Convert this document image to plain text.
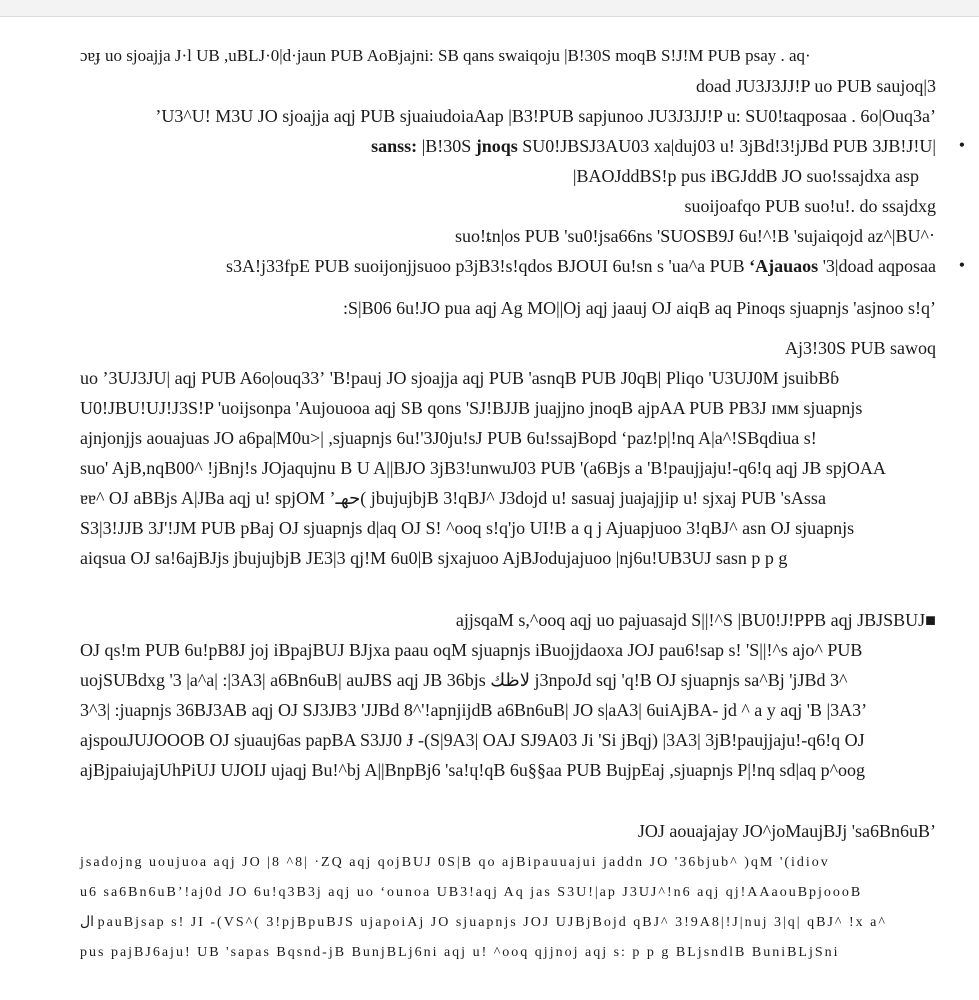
ɔɐɟ uo sjoajja J·l UB ,uBLJ·0|d·jaun PUB AoBjajni: SB qans swaiqoju |B!30S moqB S!J!M PUB psay . aq·
doad JU3J3JJ!P uo PUB saujoq|3
ʼU3^U! M3U JO sjoajja aqj PUB sjuaiudoiaAap |B3!PUB sapjunoo JU3J3JJ!P u: SU0!ȶaqposaa . 6o|Ouq3aʼ
sanss: |B!30S jnoqs SU0!JBSJ3AU03 xa|duj03 u! 3jBd!3!jJBd PUB 3JB!J!U| •
|BAOJddBS!p pus iBGJddB JO suo!ssajdxa asp
suoijoafqo PUB suo!u!. do ssajdxg
suo!ȶn|os PUB 'su0!jsa66ns 'SUOSB9J 6u!^!B 'sujaiqojd az^|BU^ ·
s3A!j33fpE PUB suoijonjjsuoo p3jB3!s!qdos BJOUI 6u!sn s 'ua^a PUB ‘Ajauaos '3|doad aqposaa •
:S|B06 6u!JO pua aqj Ag MO||Oj aqj jaauj OJ aiqB aq Pinoqs sjuapnjs 'asjnoo s!qʼ
Aj3!30S PUB sawoq
uo ʼ3UJ3JU| aqj PUB A6o|ouq33ʼ 'B!pauj JO sjoajja aqj PUB 'asnqB PUB J0qB| Pliqo 'U3UJ0M jsuibBɓ
U0!JBU!UJ!J3S!P 'uoijsonpa 'Aujouooa aqj SB qons 'SJ!BJJB juajjno jnoqB ajpAA PUB PB3J ɪмм sjuapnjs
ajnjonjjs aouajuas JO a6pa|M0u>| ,sjuapnjs 6u!'3J0ju!sJ PUB 6u!ssajBopd ‘paz!p|!nq A|a^!SBqdiua s!
suo' AjB,nqB00^ !jBnj!s JOjaqujnu B U A||BJO 3jB3!unwuJ03 PUB '(a6Bjs a 'B!paujjaju!-q6!q aqj JB spjOAA
ɐɐ^ OJ aBBjs A|JBa aqj u! spjOM ʼحهـ( jbujujbjB 3!qBJ^ J3dojd u! sasuaj juajajjip u! sjxaj PUB 'sAssa
S3|3!JJB 3J'!JM PUB pBaj OJ sjuapnjs d|aq OJ S! ^ooq s!q'jo UI!B a q j Ajuapjuoo 3!qBJ^ asn OJ sjuapnjs
aiqsua OJ sa!6ajBJjs jbujujbjB JE3|3 qj!M 6u0|B sjxajuoo AjBJodujajuoo |nj6u!UB3UJ sasn p p g
ajjsqaM s,^ooq aqj uo pajuasajd S||!^S |BU0!J!PPB aqj JBJSBUJ■
OJ qs!m PUB 6u!pB8J joj iBpajBUJ BJjxa paau oqM sjuapnjs iBuojjdaoxa JOJ pau6!sap s! 'S||!^s ajo^ PUB
uojSUBdxg '3 |a^a| :|3A3| a6Bn6uB| auJBS aqj JB 36bjs لاظك j3npoJd sqj 'q!B OJ sjuapnjs sa^Bj 'jJBd 3^
3^3| :juapnjs 36BJ3AB aqj OJ SJ3JB3 'JJBd 8^'!apnjijdB a6Bn6uB| JO s|aA3| 6uiAjBA- jd ^ a y aqj 'B |3A3ʼ
ajspouJUJOOOB OJ sjuauj6as papBA S3JJ0 Ɉ -(S|9A3| OAJ SJ9A03 Ji 'Si jBqj) |3A3| 3jB!paujjaju!-q6!q OJ
ajBjpaiujajUhPiUJ UJOIJ ujaqj Bu!^bj A||BnpBj6 'sa!ɥ!qB 6u§§aa PUB BujpEaj ,sjuapnjs P|!nq sd|aq p^oog
JOJ aouajajay JO^joMaujBJj 'sa6Bn6uBʼ
jsadojng uoujuoa aqj JO |8 ^8| ·ZQ aqj qojBUJ 0S|B qo ajBipauuajui jaddn JO '36bjub^ )qM '(idiov
u6 sa6Bn6uBʼ!aj0d JO 6u!q3B3j aqj uo ʻounoa UB3!aqj Aq jas S3U!|ap J3UJ^!n6 aqj qj!AAaouBpjoooB
ال pauBjsap s! JI -(VS^( 3!pjBpuBJS ujapoiAj JO sjuapnjs JOJ UJBjBojd qBJ^ 3!9A8|!J|nuj 3|q| qBJ^ !x a^
pus pajBJ6aju! UB 'sapas Bqsnd-jB BunjBLj6ni aqj u! ^ooq qjjnoj aqj s: p p g BLjsndlB BuniBLjSni
